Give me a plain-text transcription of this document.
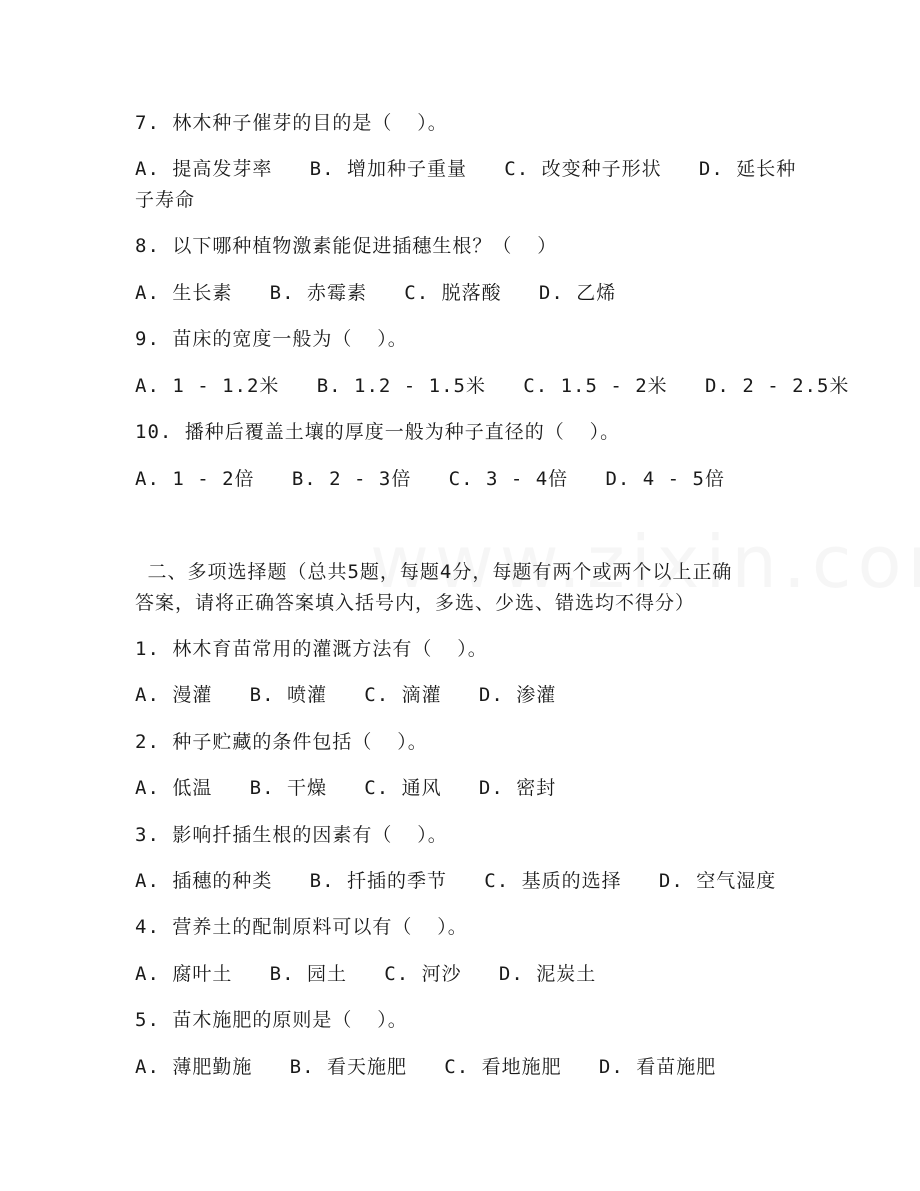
7. 林木种子催芽的目的是（  ）。
A. 提高发芽率   B. 增加种子重量   C. 改变种子形状   D. 延长种
子寿命
8. 以下哪种植物激素能促进插穗生根？（  ）
A. 生长素   B. 赤霉素   C. 脱落酸   D. 乙烯
9. 苗床的宽度一般为（  ）。
A. 1 - 1.2米   B. 1.2 - 1.5米   C. 1.5 - 2米   D. 2 - 2.5米
10. 播种后覆盖土壤的厚度一般为种子直径的（  ）。
A. 1 - 2倍   B. 2 - 3倍   C. 3 - 4倍   D. 4 - 5倍
二、多项选择题（总共5题，每题4分，每题有两个或两个以上正确
答案，请将正确答案填入括号内，多选、少选、错选均不得分）
1. 林木育苗常用的灌溉方法有（  ）。
A. 漫灌   B. 喷灌   C. 滴灌   D. 渗灌
2. 种子贮藏的条件包括（  ）。
A. 低温   B. 干燥   C. 通风   D. 密封
3. 影响扦插生根的因素有（  ）。
A. 插穗的种类   B. 扦插的季节   C. 基质的选择   D. 空气湿度
4. 营养土的配制原料可以有（  ）。
A. 腐叶土   B. 园土   C. 河沙   D. 泥炭土
5. 苗木施肥的原则是（  ）。
A. 薄肥勤施   B. 看天施肥   C. 看地施肥   D. 看苗施肥
